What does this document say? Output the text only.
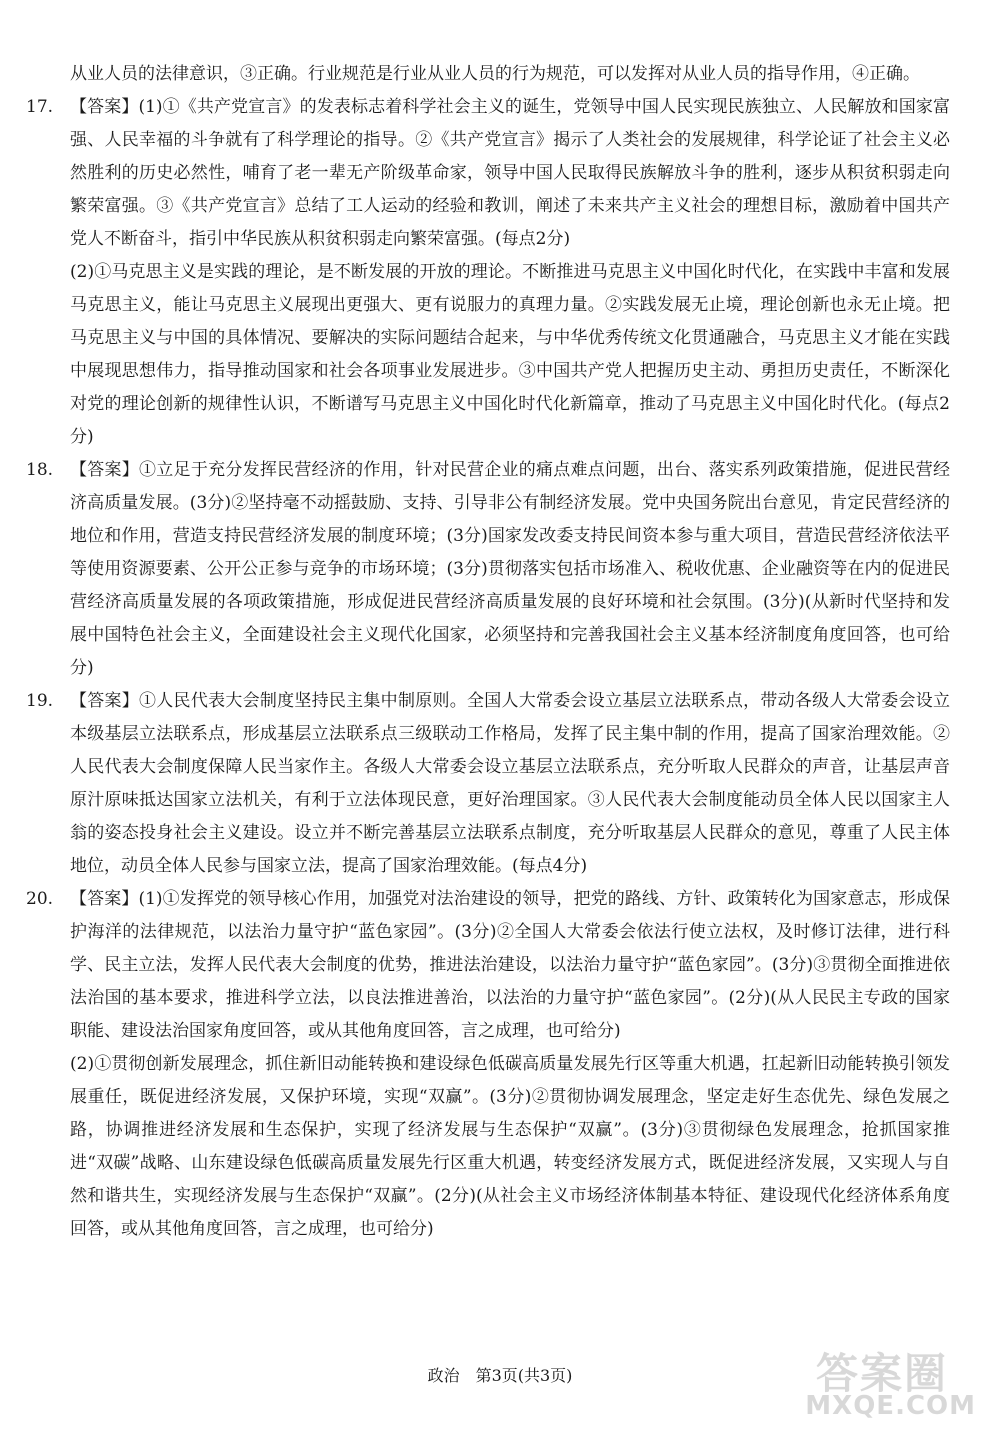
从业人员的法律意识，③正确。行业规范是行业从业人员的行为规范，可以发挥对从业人员的指导作用，④正确。

17. 【答案】(1)①《共产党宣言》的发表标志着科学社会主义的诞生，党领导中国人民实现民族独立、人民解放和国家富强、人民幸福的斗争就有了科学理论的指导。②《共产党宣言》揭示了人类社会的发展规律，科学论证了社会主义必然胜利的历史必然性，哺育了老一辈无产阶级革命家，领导中国人民取得民族解放斗争的胜利，逐步从积贫积弱走向繁荣富强。③《共产党宣言》总结了工人运动的经验和教训，阐述了未来共产主义社会的理想目标，激励着中国共产党人不断奋斗，指引中华民族从积贫积弱走向繁荣富强。(每点2分)

(2)①马克思主义是实践的理论，是不断发展的开放的理论。不断推进马克思主义中国化时代化，在实践中丰富和发展马克思主义，能让马克思主义展现出更强大、更有说服力的真理力量。②实践发展无止境，理论创新也永无止境。把马克思主义与中国的具体情况、要解决的实际问题结合起来，与中华优秀传统文化贯通融合，马克思主义才能在实践中展现思想伟力，指导推动国家和社会各项事业发展进步。③中国共产党人把握历史主动、勇担历史责任，不断深化对党的理论创新的规律性认识，不断谱写马克思主义中国化时代化新篇章，推动了马克思主义中国化时代化。(每点2分)

18. 【答案】①立足于充分发挥民营经济的作用，针对民营企业的痛点难点问题，出台、落实系列政策措施，促进民营经济高质量发展。(3分)②坚持毫不动摇鼓励、支持、引导非公有制经济发展。党中央国务院出台意见，肯定民营经济的地位和作用，营造支持民营经济发展的制度环境；(3分)国家发改委支持民间资本参与重大项目，营造民营经济依法平等使用资源要素、公开公正参与竞争的市场环境；(3分)贯彻落实包括市场准入、税收优惠、企业融资等在内的促进民营经济高质量发展的各项政策措施，形成促进民营经济高质量发展的良好环境和社会氛围。(3分)(从新时代坚持和发展中国特色社会主义，全面建设社会主义现代化国家，必须坚持和完善我国社会主义基本经济制度角度回答，也可给分)

19. 【答案】①人民代表大会制度坚持民主集中制原则。全国人大常委会设立基层立法联系点，带动各级人大常委会设立本级基层立法联系点，形成基层立法联系点三级联动工作格局，发挥了民主集中制的作用，提高了国家治理效能。②人民代表大会制度保障人民当家作主。各级人大常委会设立基层立法联系点，充分听取人民群众的声音，让基层声音原汁原味抵达国家立法机关，有利于立法体现民意，更好治理国家。③人民代表大会制度能动员全体人民以国家主人翁的姿态投身社会主义建设。设立并不断完善基层立法联系点制度，充分听取基层人民群众的意见，尊重了人民主体地位，动员全体人民参与国家立法，提高了国家治理效能。(每点4分)

20. 【答案】(1)①发挥党的领导核心作用，加强党对法治建设的领导，把党的路线、方针、政策转化为国家意志，形成保护海洋的法律规范，以法治力量守护“蓝色家园”。(3分)②全国人大常委会依法行使立法权，及时修订法律，进行科学、民主立法，发挥人民代表大会制度的优势，推进法治建设，以法治力量守护“蓝色家园”。(3分)③贯彻全面推进依法治国的基本要求，推进科学立法，以良法推进善治，以法治的力量守护“蓝色家园”。(2分)(从人民民主专政的国家职能、建设法治国家角度回答，或从其他角度回答，言之成理，也可给分)

(2)①贯彻创新发展理念，抓住新旧动能转换和建设绿色低碳高质量发展先行区等重大机遇，扛起新旧动能转换引领发展重任，既促进经济发展，又保护环境，实现“双赢”。(3分)②贯彻协调发展理念，坚定走好生态优先、绿色发展之路，协调推进经济发展和生态保护，实现了经济发展与生态保护“双赢”。(3分)③贯彻绿色发展理念，抢抓国家推进“双碳”战略、山东建设绿色低碳高质量发展先行区重大机遇，转变经济发展方式，既促进经济发展，又实现人与自然和谐共生，实现经济发展与生态保护“双赢”。(2分)(从社会主义市场经济体制基本特征、建设现代化经济体系角度回答，或从其他角度回答，言之成理，也可给分)

政治　第3页(共3页)	答案圈
MXQE.COM
